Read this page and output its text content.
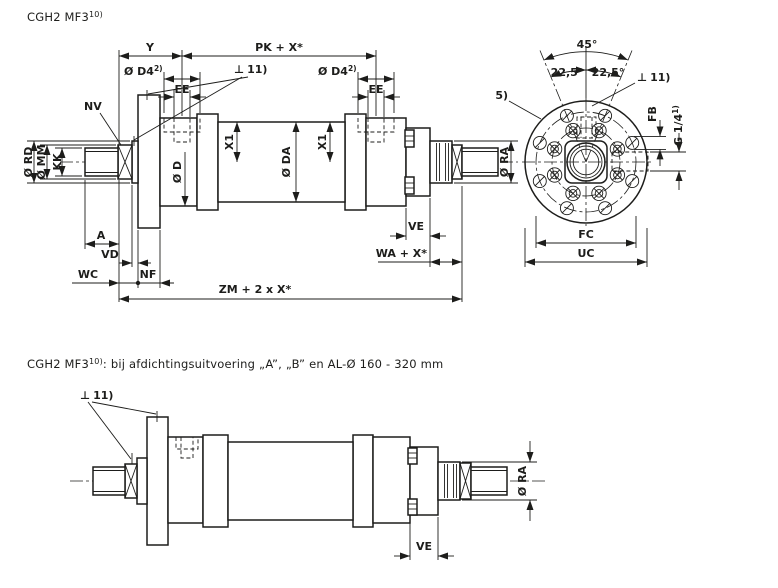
CGH2 MF3$^{10)}$
CGH2 MF3$^{10)}$: bij afdichtingsuitvoering „A”, „B” en AL-Ø 160 - 320 mm
Y	PK + X*
Ø D4$^{2)}$
EE
Ø D4$^{2)}$
EE
⊥ 11)
NV
Ø RD Ø MM KK
X1	X1
Ø DA
Ø D
A
VD
WC	NF
VE
WA + X*
ZM + 2 x X*
Ø RA
45°
22,5° 22,5° ⊥ 11)
5)
FB G 1/4$^{1)}$
FC
UC
⊥ 11)
VE
Ø RA
